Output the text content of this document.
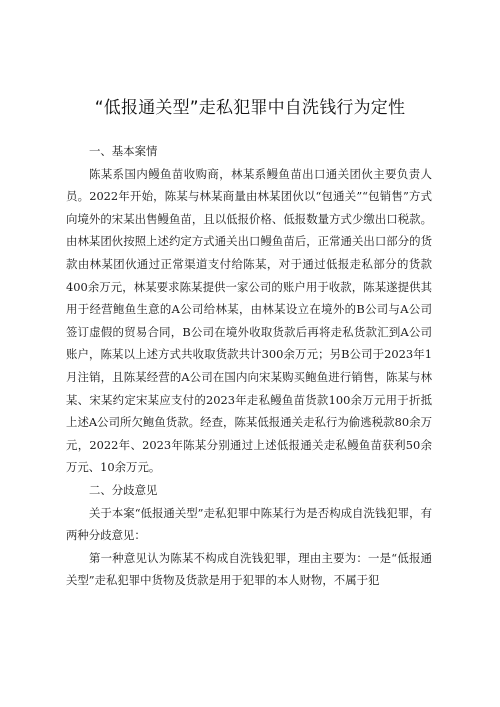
“低报通关型”走私犯罪中自洗钱行为定性

一、基本案情

陈某系国内鳗鱼苗收购商，林某系鳗鱼苗出口通关团伙主要负责人员。2022年开始，陈某与林某商量由林某团伙以“包通关”“包销售”方式向境外的宋某出售鳗鱼苗，且以低报价格、低报数量方式少缴出口税款。由林某团伙按照上述约定方式通关出口鳗鱼苗后，正常通关出口部分的货款由林某团伙通过正常渠道支付给陈某，对于通过低报走私部分的货款400余万元，林某要求陈某提供一家公司的账户用于收款，陈某遂提供其用于经营鲍鱼生意的A公司给林某，由林某设立在境外的B公司与A公司签订虚假的贸易合同，B公司在境外收取货款后再将走私货款汇到A公司账户，陈某以上述方式共收取货款共计300余万元；另B公司于2023年1月注销，且陈某经营的A公司在国内向宋某购买鲍鱼进行销售，陈某与林某、宋某约定宋某应支付的2023年走私鳗鱼苗货款100余万元用于折抵上述A公司所欠鲍鱼货款。经查，陈某低报通关走私行为偷逃税款80余万元，2022年、2023年陈某分别通过上述低报通关走私鳗鱼苗获利50余万元、10余万元。

二、分歧意见

关于本案“低报通关型”走私犯罪中陈某行为是否构成自洗钱犯罪，有两种分歧意见：

第一种意见认为陈某不构成自洗钱犯罪，理由主要为：一是“低报通关型”走私犯罪中货物及货款是用于犯罪的本人财物，不属于犯
